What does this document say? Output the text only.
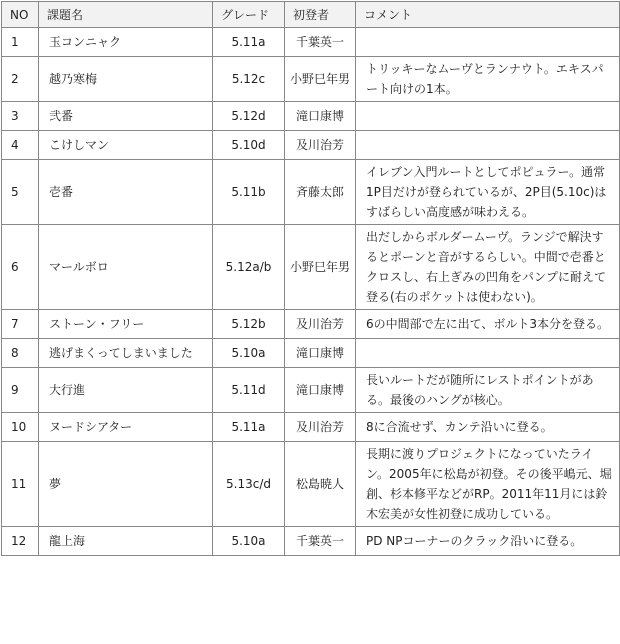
NO	課題名	グレード	初登者	コメント
1	玉コンニャク	5.11a	千葉英一	
2	越乃寒梅	5.12c	小野巳年男	トリッキーなムーヴとランナウト。エキスパート向けの1本。
3	弐番	5.12d	滝口康博	
4	こけしマン	5.10d	及川治芳	
5	壱番	5.11b	斉藤太郎	イレブン入門ルートとしてポピュラー。通常1P目だけが登られているが、2P目(5.10c)はすばらしい高度感が味わえる。
6	マールボロ	5.12a/b	小野巳年男	出だしからボルダームーヴ。ランジで解決するとポーンと音がするらしい。中間で壱番とクロスし、右上ぎみの凹角をパンプに耐えて登る(右のポケットは使わない)。
7	ストーン・フリー	5.12b	及川治芳	6の中間部で左に出て、ボルト3本分を登る。
8	逃げまくってしまいました	5.10a	滝口康博	
9	大行進	5.11d	滝口康博	長いルートだが随所にレストポイントがある。最後のハングが核心。
10	ヌードシアター	5.11a	及川治芳	8に合流せず、カンテ沿いに登る。
11	夢	5.13c/d	松島暁人	長期に渡りプロジェクトになっていたライン。2005年に松島が初登。その後平嶋元、堀創、杉本修平などがRP。2011年11月には鈴木宏美が女性初登に成功している。
12	龍上海	5.10a	千葉英一	PD NPコーナーのクラック沿いに登る。
